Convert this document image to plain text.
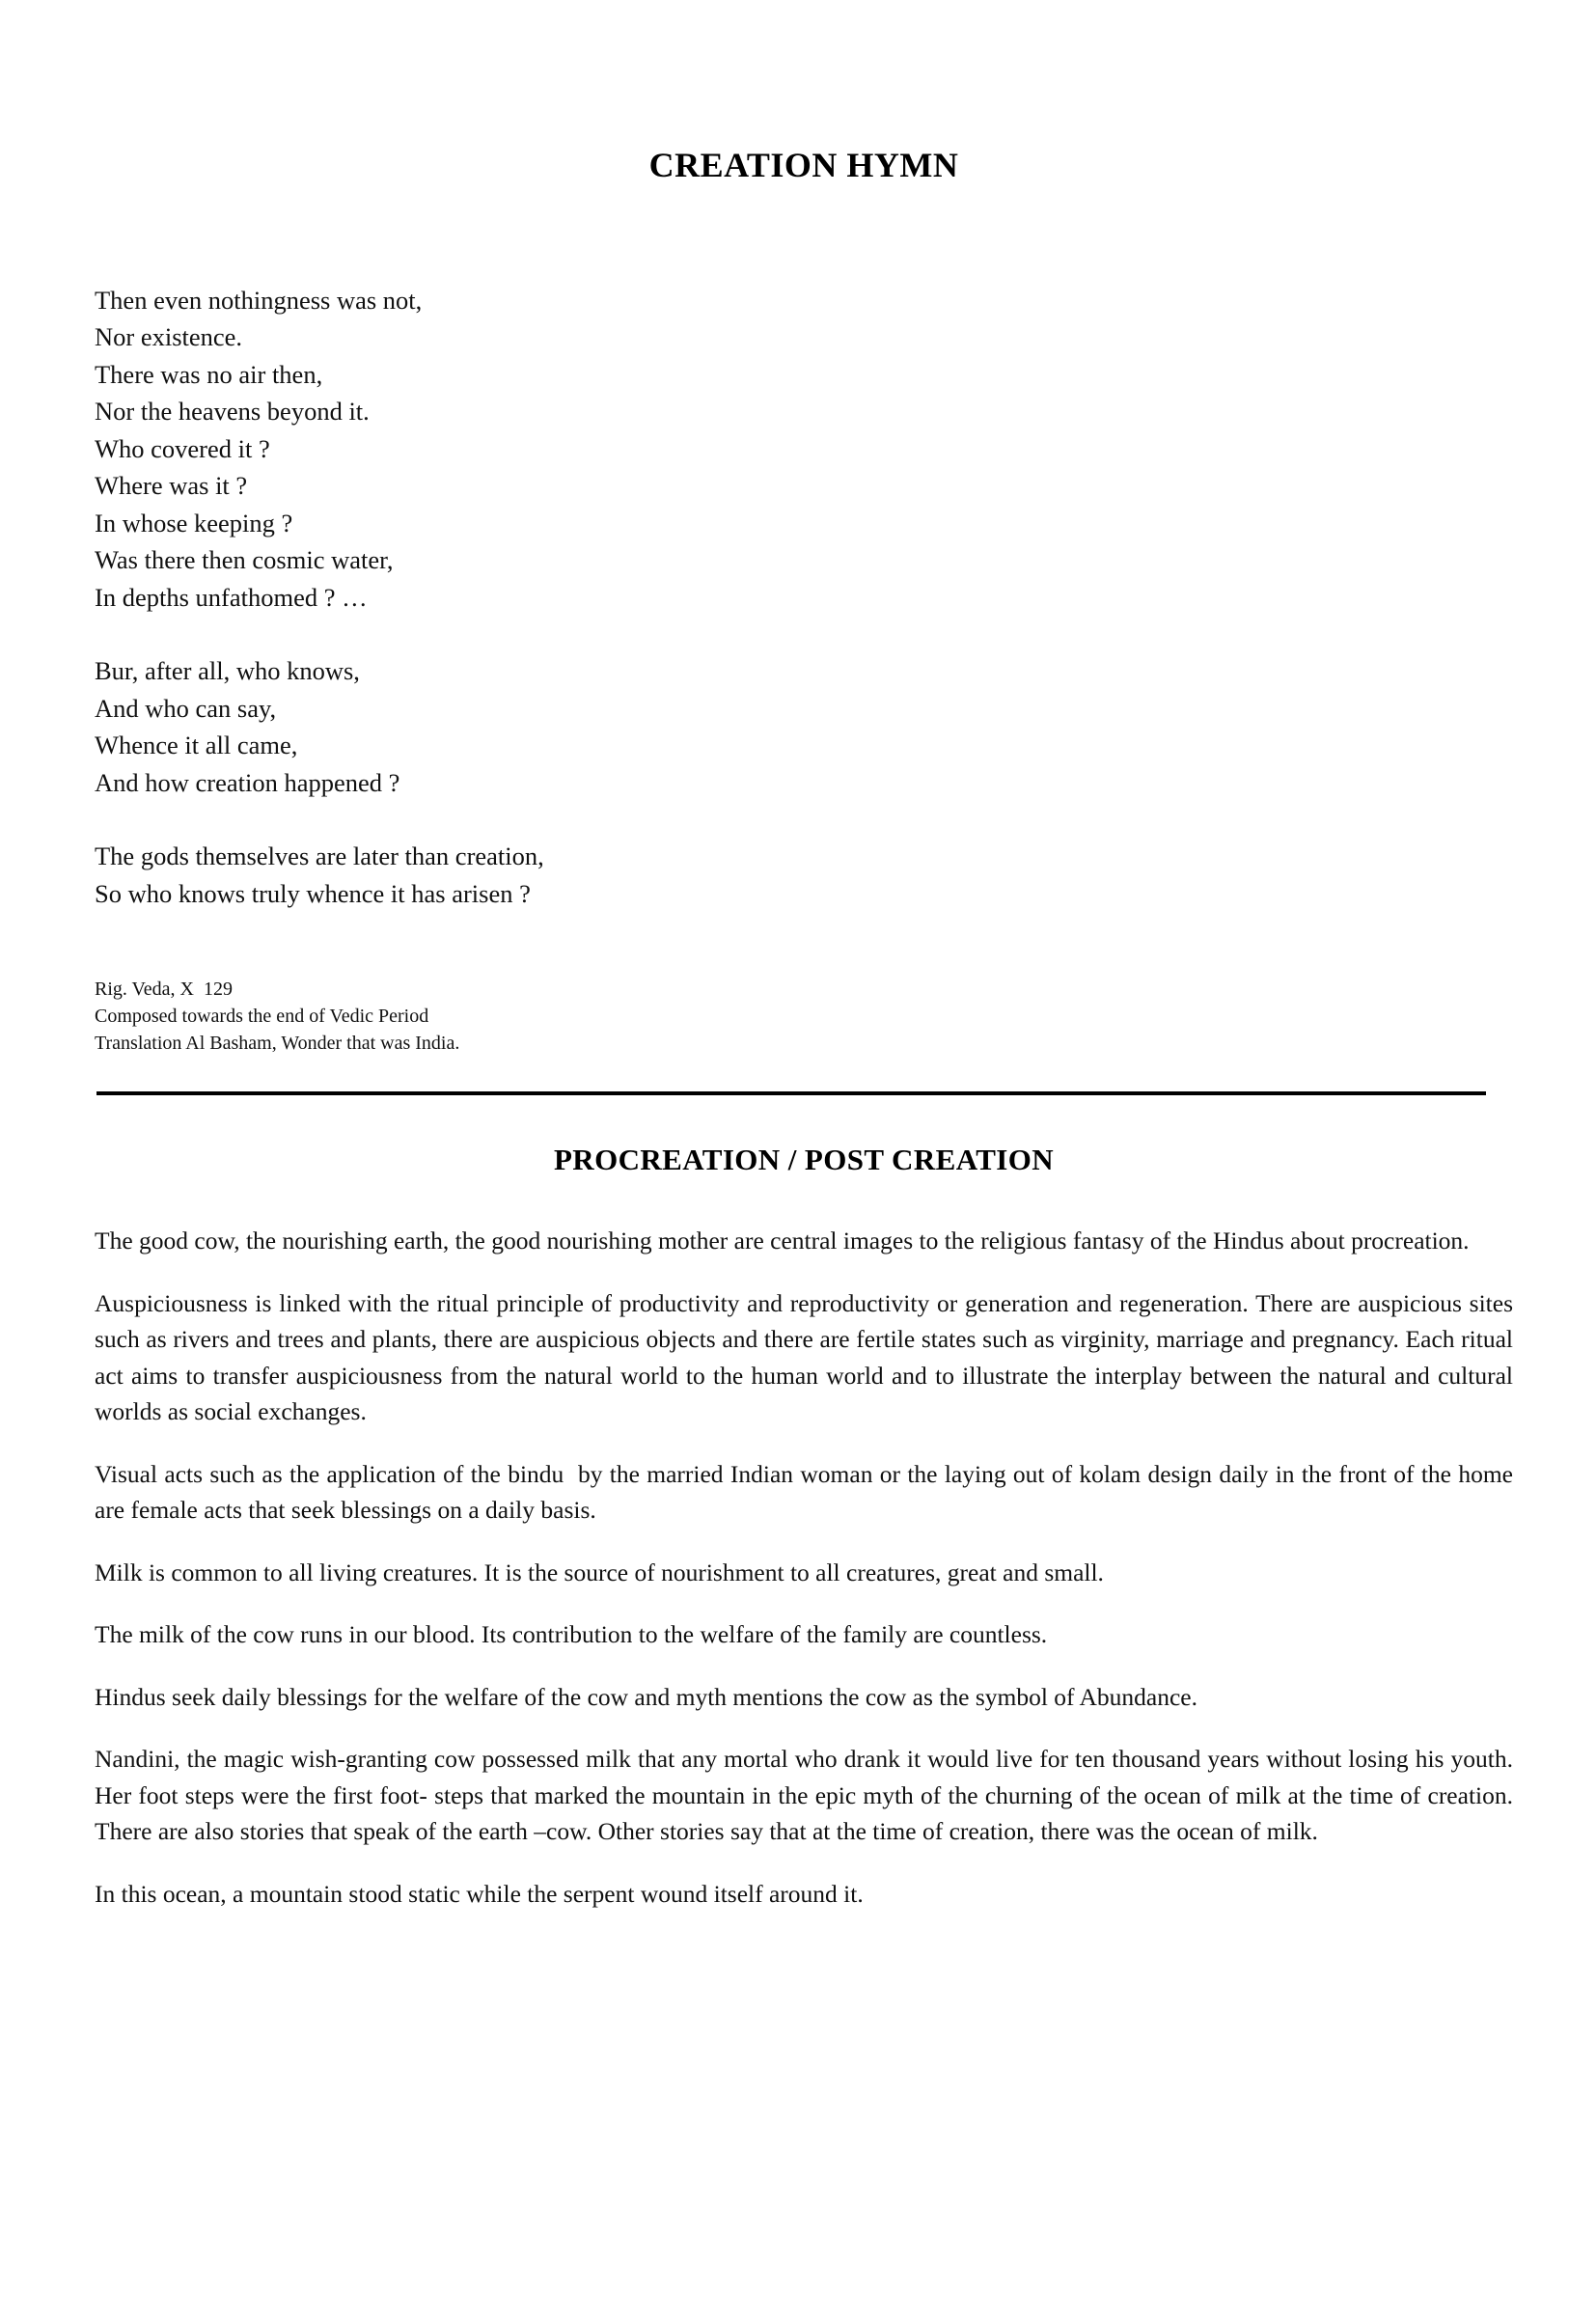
CREATION HYMN
Then even nothingness was not,
Nor existence.
There was no air then,
Nor the heavens beyond it.
Who covered it ?
Where was it ?
In whose keeping ?
Was there then cosmic water,
In depths unfathomed ? …
Bur, after all, who knows,
And who can say,
Whence it all came,
And how creation happened ?
The gods themselves are later than creation,
So who knows truly whence it has arisen ?
Rig. Veda, X  129
Composed towards the end of Vedic Period
Translation Al Basham, Wonder that was India.
PROCREATION / POST CREATION

The good cow, the nourishing earth, the good nourishing mother are central images to the religious fantasy of the Hindus about procreation.

Auspiciousness is linked with the ritual principle of productivity and reproductivity or generation and regeneration. There are auspicious sites such as rivers and trees and plants, there are auspicious objects and there are fertile states such as virginity, marriage and pregnancy. Each ritual act aims to transfer auspiciousness from the natural world to the human world and to illustrate the interplay between the natural and cultural worlds as social exchanges.

Visual acts such as the application of the bindu  by the married Indian woman or the laying out of kolam design daily in the front of the home are female acts that seek blessings on a daily basis.

Milk is common to all living creatures. It is the source of nourishment to all creatures, great and small.

The milk of the cow runs in our blood. Its contribution to the welfare of the family are countless.

Hindus seek daily blessings for the welfare of the cow and myth mentions the cow as the symbol of Abundance.

Nandini, the magic wish-granting cow possessed milk that any mortal who drank it would live for ten thousand years without losing his youth. Her foot steps were the first foot- steps that marked the mountain in the epic myth of the churning of the ocean of milk at the time of creation. There are also stories that speak of the earth –cow. Other stories say that at the time of creation, there was the ocean of milk.

In this ocean, a mountain stood static while the serpent wound itself around it.
